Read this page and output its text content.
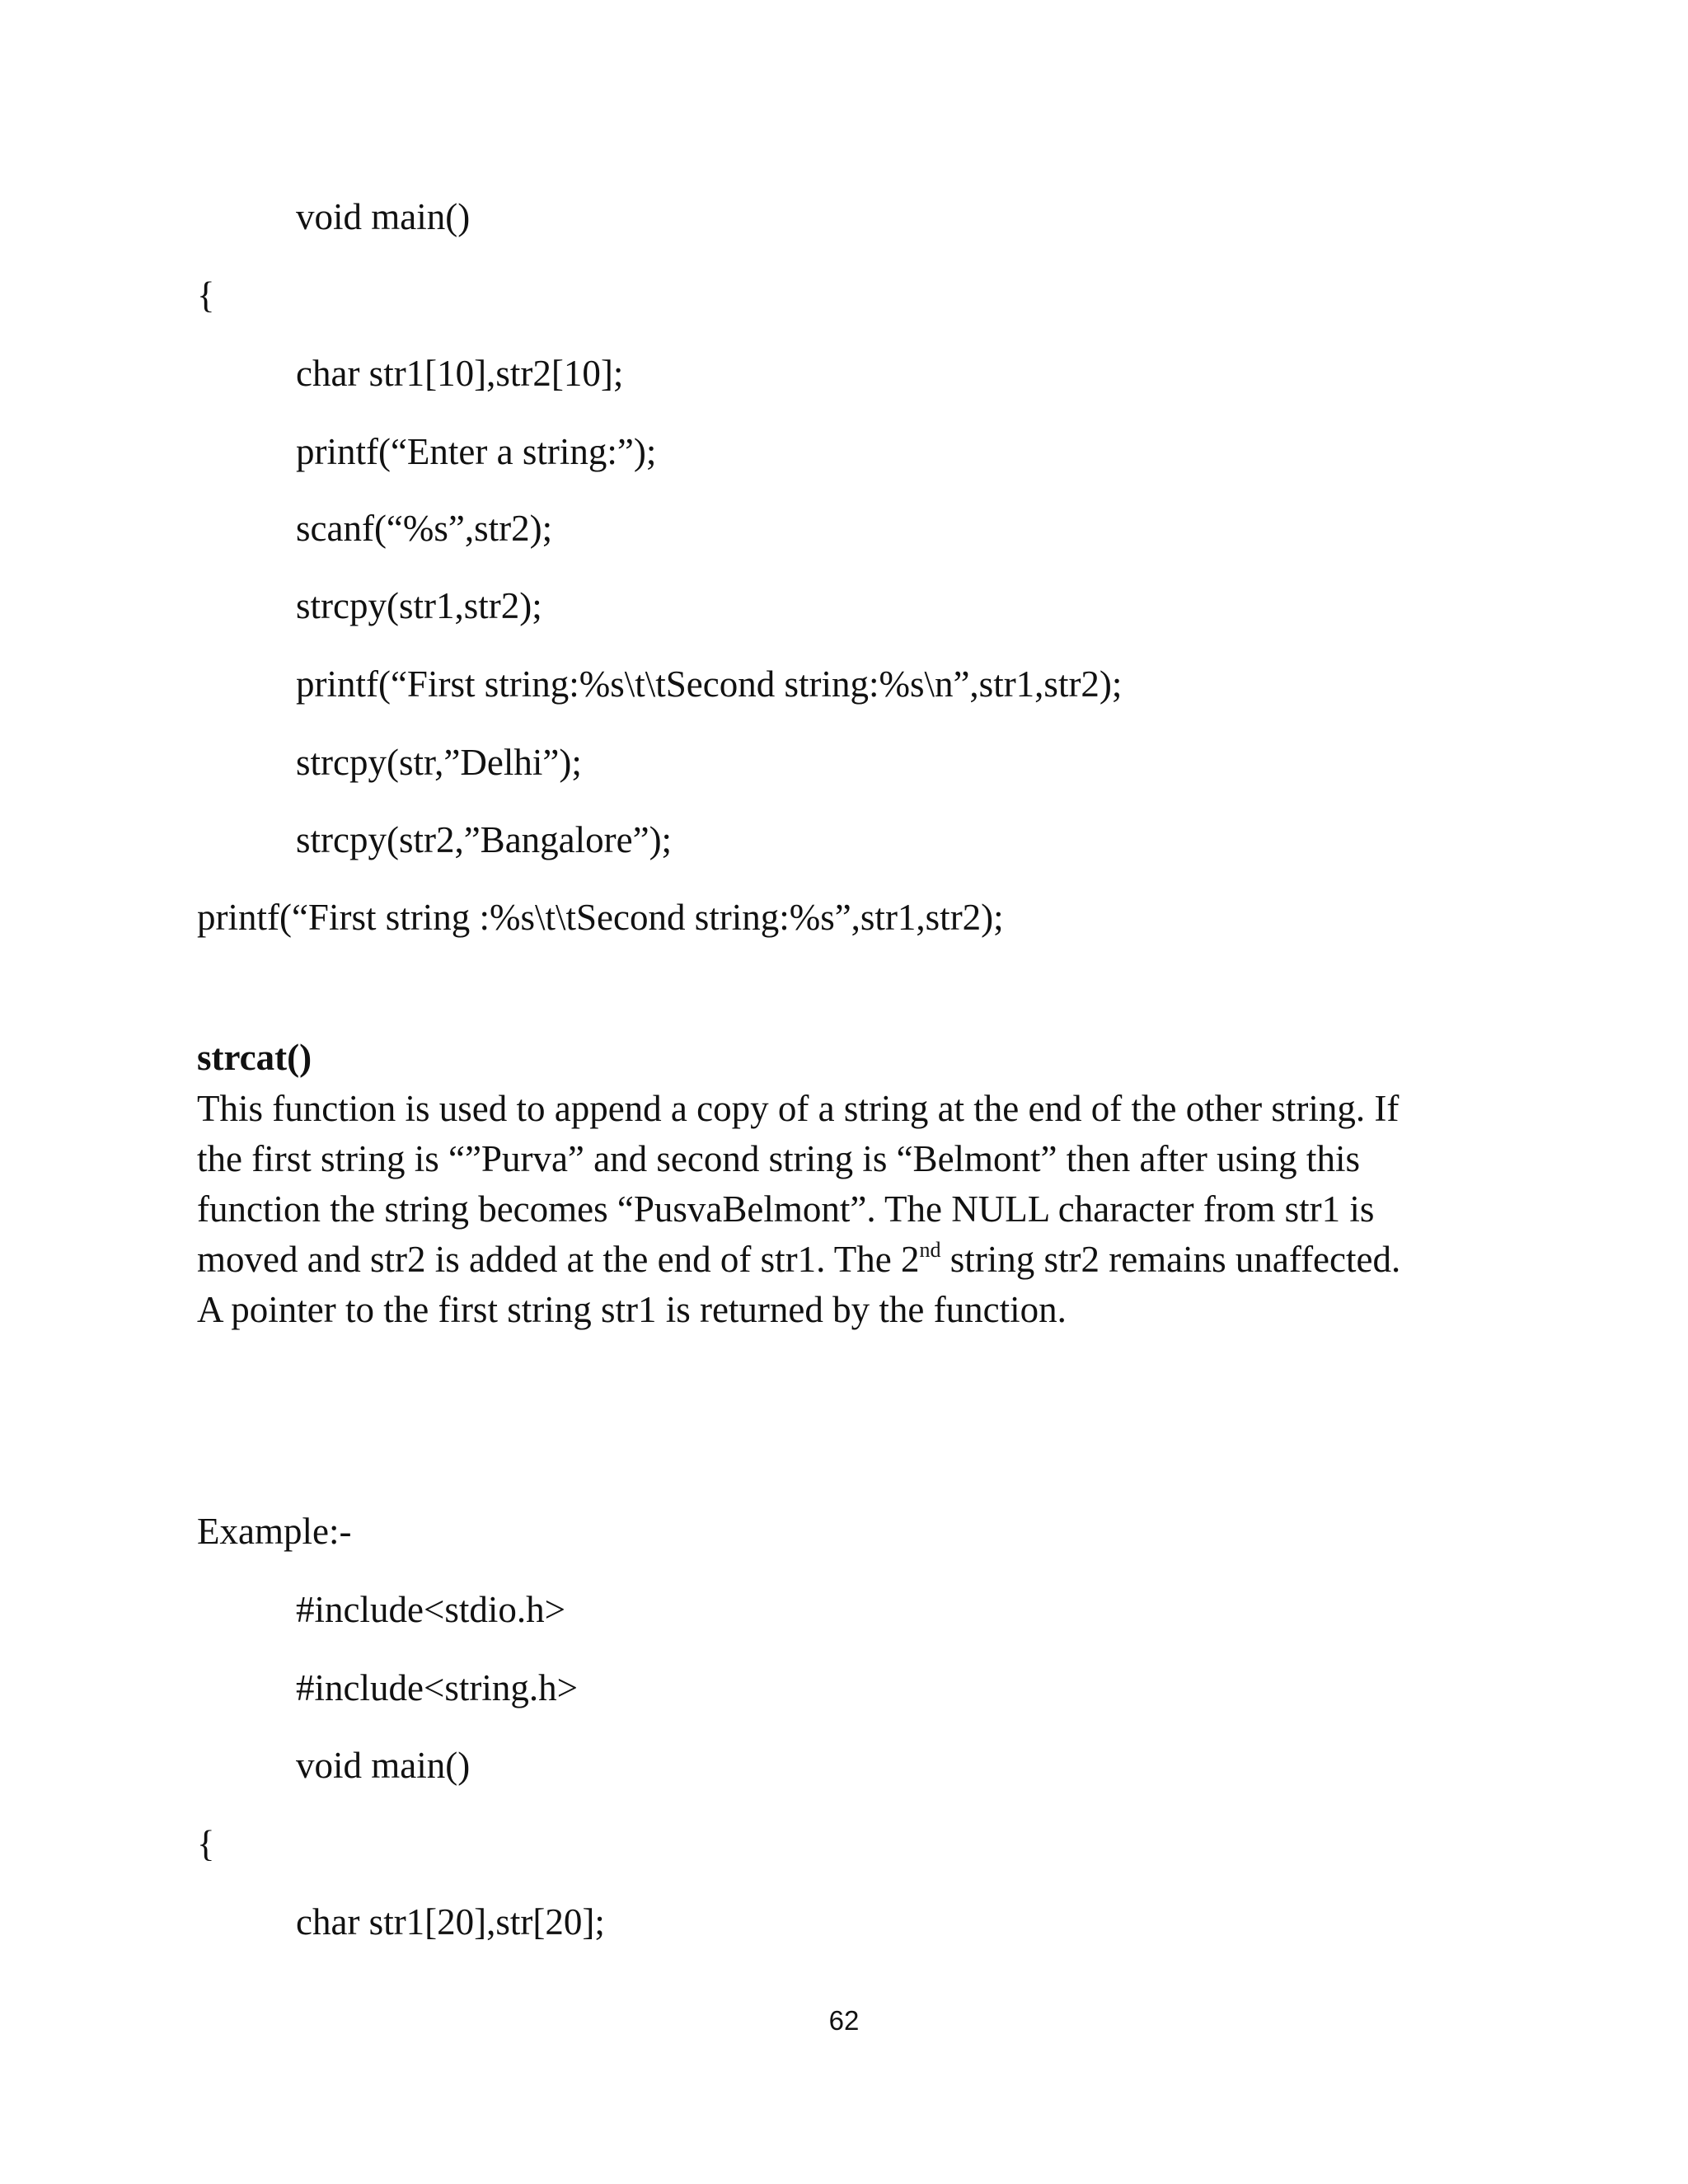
void main()
{
char str1[10],str2[10];
printf(“Enter a string:”);
scanf(“%s”,str2);
strcpy(str1,str2);
printf(“First string:%s\t\tSecond string:%s\n”,str1,str2);
strcpy(str,”Delhi”);
strcpy(str2,”Bangalore”);
printf(“First string :%s\t\tSecond string:%s”,str1,str2);
strcat()
This function is used to append a copy of a string at the end of the other string. If
the first string is “”Purva” and second string is “Belmont” then after using this
function the string becomes “PusvaBelmont”. The NULL character from str1 is
moved and str2 is added at the end of str1. The 2nd string str2 remains unaffected.
A pointer to the first string str1 is returned by the function.
Example:-
#include<stdio.h>
#include<string.h>
void main()
{
char str1[20],str[20];
62
